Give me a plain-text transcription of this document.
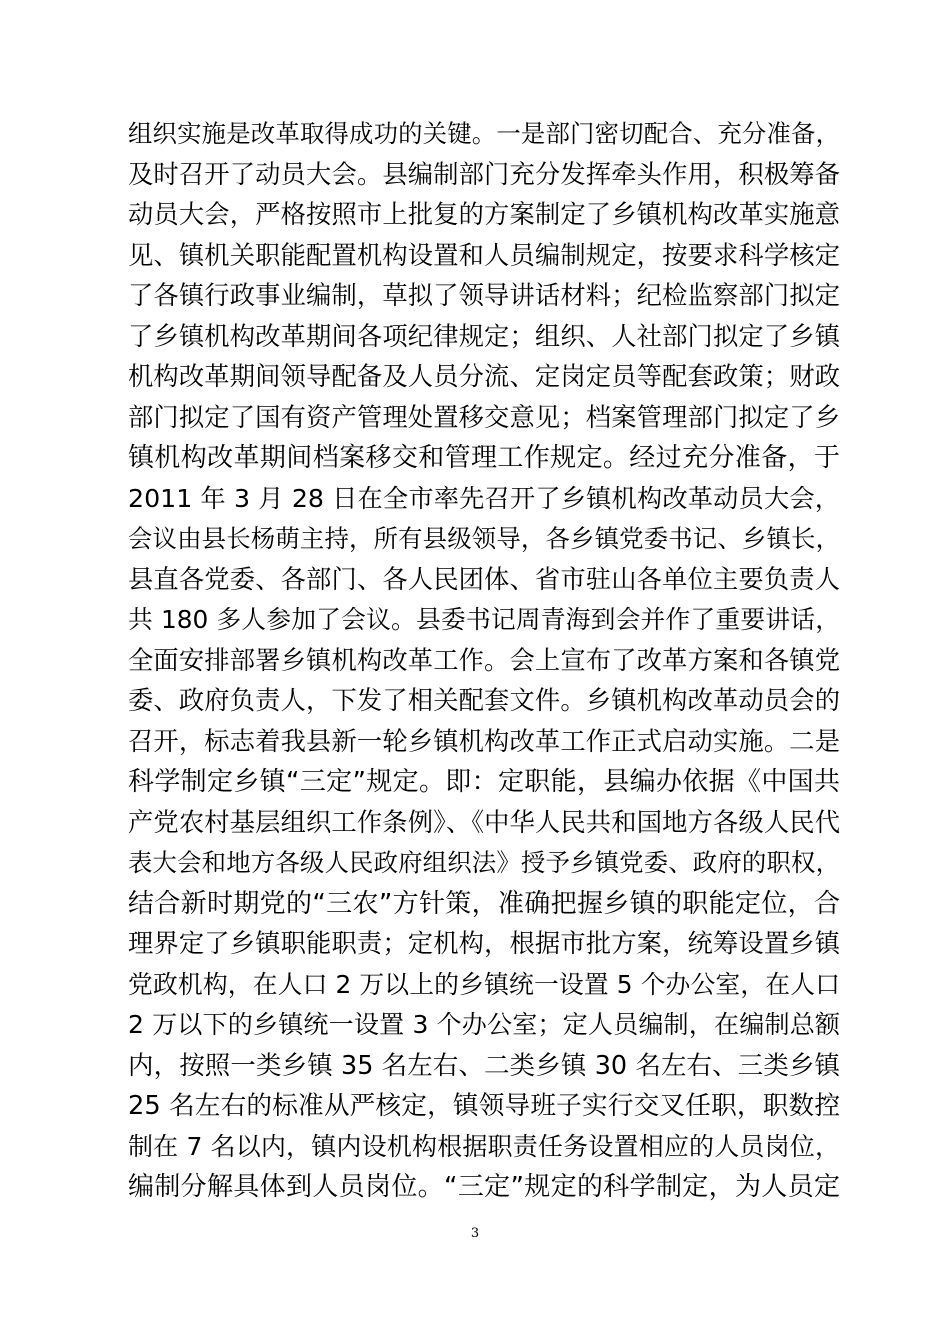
组织实施是改革取得成功的关键。一是部门密切配合、充分准备，
及时召开了动员大会。县编制部门充分发挥牵头作用，积极筹备
动员大会，严格按照市上批复的方案制定了乡镇机构改革实施意
见、镇机关职能配置机构设置和人员编制规定，按要求科学核定
了各镇行政事业编制，草拟了领导讲话材料；纪检监察部门拟定
了乡镇机构改革期间各项纪律规定；组织、人社部门拟定了乡镇
机构改革期间领导配备及人员分流、定岗定员等配套政策；财政
部门拟定了国有资产管理处置移交意见；档案管理部门拟定了乡
镇机构改革期间档案移交和管理工作规定。经过充分准备，于
2011 年 3 月 28 日在全市率先召开了乡镇机构改革动员大会，
会议由县长杨萌主持，所有县级领导，各乡镇党委书记、乡镇长，
县直各党委、各部门、各人民团体、省市驻山各单位主要负责人
共 180 多人参加了会议。县委书记周青海到会并作了重要讲话，
全面安排部署乡镇机构改革工作。会上宣布了改革方案和各镇党
委、政府负责人，下发了相关配套文件。乡镇机构改革动员会的
召开，标志着我县新一轮乡镇机构改革工作正式启动实施。二是
科学制定乡镇“三定”规定。即：定职能，县编办依据《中国共
产党农村基层组织工作条例》、《中华人民共和国地方各级人民代
表大会和地方各级人民政府组织法》授予乡镇党委、政府的职权，
结合新时期党的“三农”方针策，准确把握乡镇的职能定位，合
理界定了乡镇职能职责；定机构，根据市批方案，统筹设置乡镇
党政机构，在人口 2 万以上的乡镇统一设置 5 个办公室，在人口
2 万以下的乡镇统一设置 3 个办公室；定人员编制，在编制总额
内，按照一类乡镇 35 名左右、二类乡镇 30 名左右、三类乡镇
25 名左右的标准从严核定，镇领导班子实行交叉任职，职数控
制在 7 名以内，镇内设机构根据职责任务设置相应的人员岗位，
编制分解具体到人员岗位。“三定”规定的科学制定，为人员定
3
